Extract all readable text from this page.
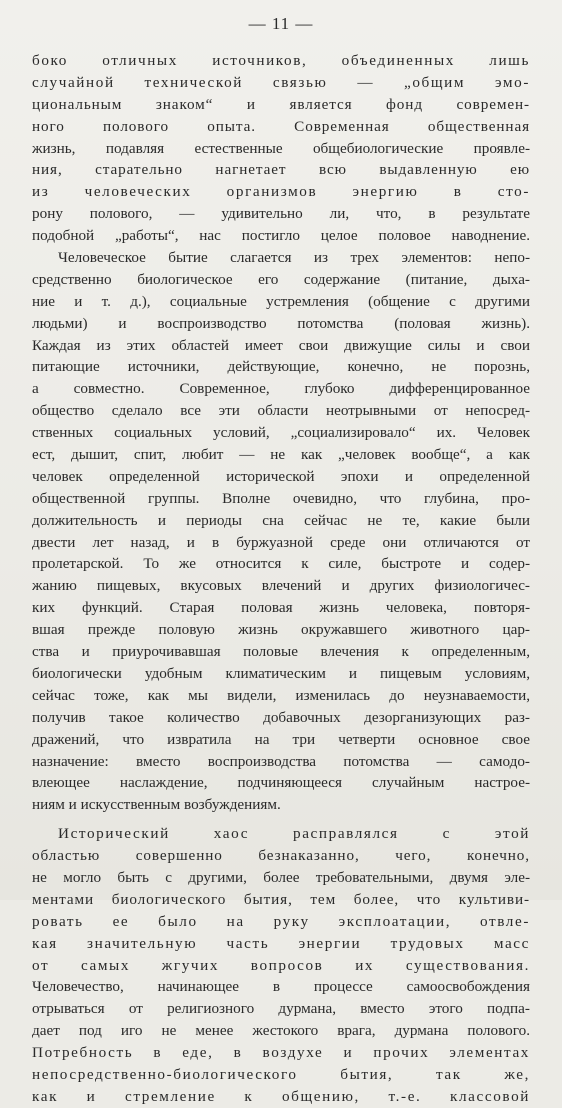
— 11 —
боко отличных источников, объединенных лишь
случайной технической связью — „общим эмо-
циональным знаком“ и является фонд современ-
ного полового опыта. Современная общественная
жизнь, подавляя естественные общебиологические проявле-
ния, старательно нагнетает всю выдавленную ею
из человеческих организмов энергию в сто-
рону полового, — удивительно ли, что, в результате
подобной „работы“, нас постигло целое половое наводнение.
Человеческое бытие слагается из трех элементов: непо-
средственно биологическое его содержание (питание, дыха-
ние и т. д.), социальные устремления (общение с другими
людьми) и воспроизводство потомства (половая жизнь).
Каждая из этих областей имеет свои движущие силы и свои
питающие источники, действующие, конечно, не порознь,
а совместно. Современное, глубоко дифференцированное
общество сделало все эти области неотрывными от непосред-
ственных социальных условий, „социализировало“ их. Человек
ест, дышит, спит, любит — не как „человек вообще“, а как
человек определенной исторической эпохи и определенной
общественной группы. Вполне очевидно, что глубина, про-
должительность и периоды сна сейчас не те, какие были
двести лет назад, и в буржуазной среде они отличаются от
пролетарской. То же относится к силе, быстроте и содер-
жанию пищевых, вкусовых влечений и других физиологичес-
ких функций. Старая половая жизнь человека, повторя-
вшая прежде половую жизнь окружавшего животного цар-
ства и приурочивавшая половые влечения к определенным,
биологически удобным климатическим и пищевым условиям,
сейчас тоже, как мы видели, изменилась до неузнаваемости,
получив такое количество добавочных дезорганизующих раз-
дражений, что извратила на три четверти основное свое
назначение: вместо воспроизводства потомства — самодо-
влеющее наслаждение, подчиняющееся случайным настрое-
ниям и искусственным возбуждениям.
Исторический хаос расправлялся с этой
областью совершенно безнаказанно, чего, конечно,
не могло быть с другими, более требовательными, двумя эле-
ментами биологического бытия, тем более, что культиви-
ровать ее было на руку эксплоатации, отвле-
кая значительную часть энергии трудовых масс
от самых жгучих вопросов их существования.
Человечество, начинающее в процессе самоосвобождения
отрываться от религиозного дурмана, вместо этого подпа-
дает под иго не менее жестокого врага, дурмана полового.
Потребность в еде, в воздухе и прочих элементах
непосредственно-биологического бытия, так же,
как и стремление к общению, т.-е. классовой
